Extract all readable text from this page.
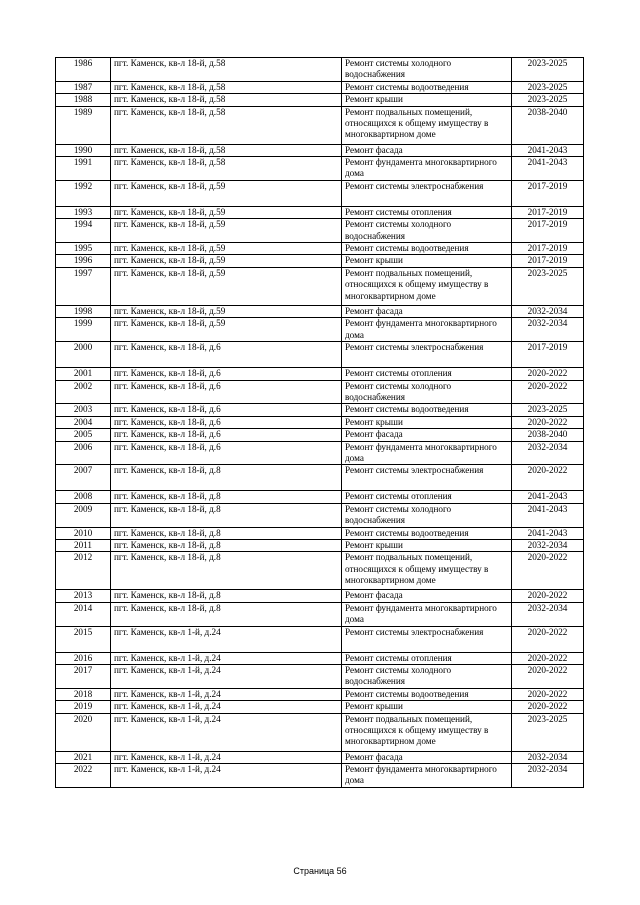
1986	пгт. Каменск, кв-л 18-й, д.58	Ремонт системы холодного водоснабжения	2023-2025
1987	пгт. Каменск, кв-л 18-й, д.58	Ремонт системы водоотведения	2023-2025
1988	пгт. Каменск, кв-л 18-й, д.58	Ремонт крыши	2023-2025
1989	пгт. Каменск, кв-л 18-й, д.58	Ремонт подвальных помещений, относящихся к общему имуществу в многоквартирном доме	2038-2040
1990	пгт. Каменск, кв-л 18-й, д.58	Ремонт фасада	2041-2043
1991	пгт. Каменск, кв-л 18-й, д.58	Ремонт фундамента многоквартирного дома	2041-2043
1992	пгт. Каменск, кв-л 18-й, д.59	Ремонт системы электроснабжения	2017-2019
1993	пгт. Каменск, кв-л 18-й, д.59	Ремонт системы отопления	2017-2019
1994	пгт. Каменск, кв-л 18-й, д.59	Ремонт системы холодного водоснабжения	2017-2019
1995	пгт. Каменск, кв-л 18-й, д.59	Ремонт системы водоотведения	2017-2019
1996	пгт. Каменск, кв-л 18-й, д.59	Ремонт крыши	2017-2019
1997	пгт. Каменск, кв-л 18-й, д.59	Ремонт подвальных помещений, относящихся к общему имуществу в многоквартирном доме	2023-2025
1998	пгт. Каменск, кв-л 18-й, д.59	Ремонт фасада	2032-2034
1999	пгт. Каменск, кв-л 18-й, д.59	Ремонт фундамента многоквартирного дома	2032-2034
2000	пгт. Каменск, кв-л 18-й, д.6	Ремонт системы электроснабжения	2017-2019
2001	пгт. Каменск, кв-л 18-й, д.6	Ремонт системы отопления	2020-2022
2002	пгт. Каменск, кв-л 18-й, д.6	Ремонт системы холодного водоснабжения	2020-2022
2003	пгт. Каменск, кв-л 18-й, д.6	Ремонт системы водоотведения	2023-2025
2004	пгт. Каменск, кв-л 18-й, д.6	Ремонт крыши	2020-2022
2005	пгт. Каменск, кв-л 18-й, д.6	Ремонт фасада	2038-2040
2006	пгт. Каменск, кв-л 18-й, д.6	Ремонт фундамента многоквартирного дома	2032-2034
2007	пгт. Каменск, кв-л 18-й, д.8	Ремонт системы электроснабжения	2020-2022
2008	пгт. Каменск, кв-л 18-й, д.8	Ремонт системы отопления	2041-2043
2009	пгт. Каменск, кв-л 18-й, д.8	Ремонт системы холодного водоснабжения	2041-2043
2010	пгт. Каменск, кв-л 18-й, д.8	Ремонт системы водоотведения	2041-2043
2011	пгт. Каменск, кв-л 18-й, д.8	Ремонт крыши	2032-2034
2012	пгт. Каменск, кв-л 18-й, д.8	Ремонт подвальных помещений, относящихся к общему имуществу в многоквартирном доме	2020-2022
2013	пгт. Каменск, кв-л 18-й, д.8	Ремонт фасада	2020-2022
2014	пгт. Каменск, кв-л 18-й, д.8	Ремонт фундамента многоквартирного дома	2032-2034
2015	пгт. Каменск, кв-л 1-й, д.24	Ремонт системы электроснабжения	2020-2022
2016	пгт. Каменск, кв-л 1-й, д.24	Ремонт системы отопления	2020-2022
2017	пгт. Каменск, кв-л 1-й, д.24	Ремонт системы холодного водоснабжения	2020-2022
2018	пгт. Каменск, кв-л 1-й, д.24	Ремонт системы водоотведения	2020-2022
2019	пгт. Каменск, кв-л 1-й, д.24	Ремонт крыши	2020-2022
2020	пгт. Каменск, кв-л 1-й, д.24	Ремонт подвальных помещений, относящихся к общему имуществу в многоквартирном доме	2023-2025
2021	пгт. Каменск, кв-л 1-й, д.24	Ремонт фасада	2032-2034
2022	пгт. Каменск, кв-л 1-й, д.24	Ремонт фундамента многоквартирного дома	2032-2034
Страница 56
